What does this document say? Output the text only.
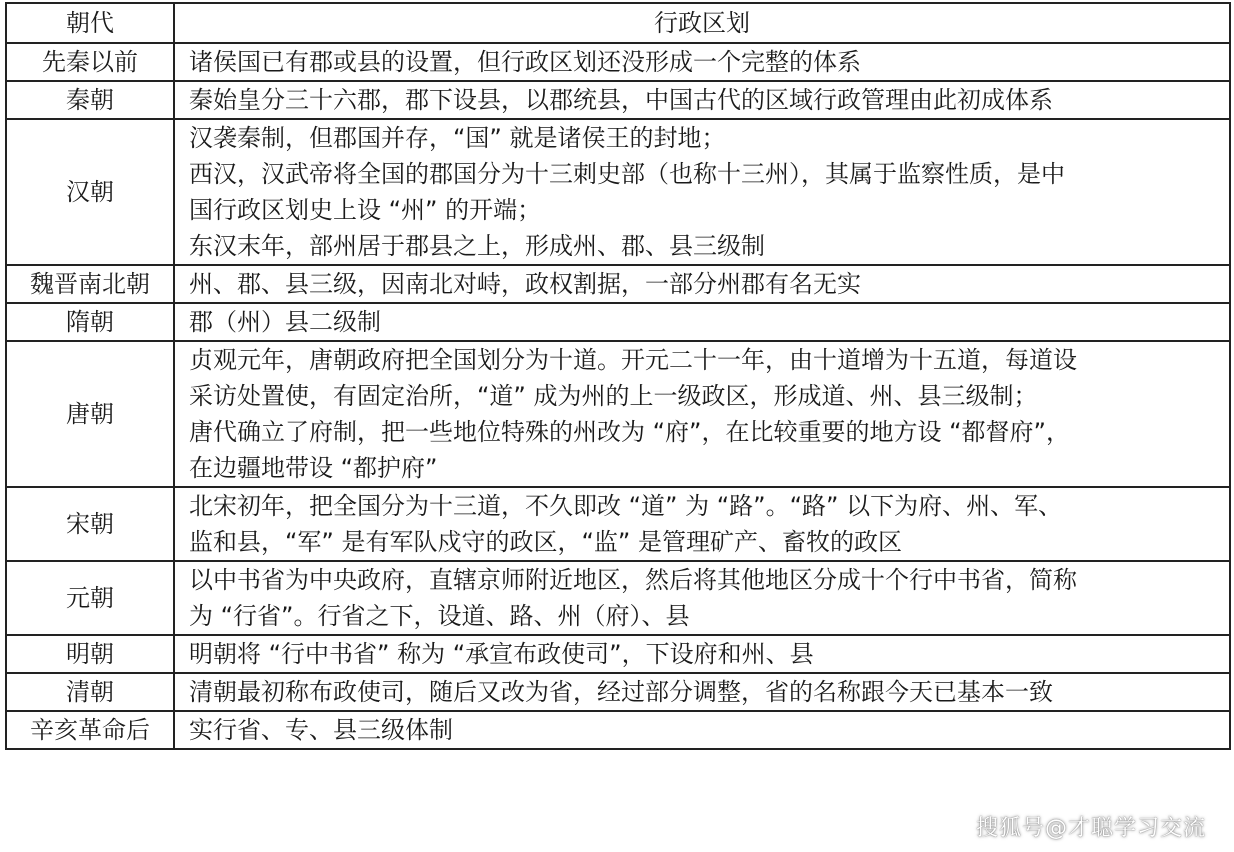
朝代	行政区划
先秦以前	诸侯国已有郡或县的设置，但行政区划还没形成一个完整的体系

秦朝	秦始皇分三十六郡，郡下设县，以郡统县，中国古代的区域行政管理由此初成体系

汉朝	汉袭秦制，但郡国并存，“国” 就是诸侯王的封地；
西汉，汉武帝将全国的郡国分为十三刺史部（也称十三州），其属于监察性质，是中
国行政区划史上设 “州” 的开端；
东汉末年，部州居于郡县之上，形成州、郡、县三级制

魏晋南北朝	州、郡、县三级，因南北对峙，政权割据，一部分州郡有名无实

隋朝	郡（州）县二级制

唐朝	贞观元年，唐朝政府把全国划分为十道。开元二十一年，由十道增为十五道，每道设
采访处置使，有固定治所，“道” 成为州的上一级政区，形成道、州、县三级制；
唐代确立了府制，把一些地位特殊的州改为 “府”，在比较重要的地方设 “都督府”，
在边疆地带设 “都护府”

宋朝	北宋初年，把全国分为十三道，不久即改 “道” 为 “路”。“路” 以下为府、州、军、
监和县，“军” 是有军队戍守的政区，“监” 是管理矿产、畜牧的政区

元朝	以中书省为中央政府，直辖京师附近地区，然后将其他地区分成十个行中书省，简称
为 “行省”。行省之下，设道、路、州（府）、县

明朝	明朝将 “行中书省” 称为 “承宣布政使司”，下设府和州、县

清朝	清朝最初称布政使司，随后又改为省，经过部分调整，省的名称跟今天已基本一致

辛亥革命后	实行省、专、县三级体制
搜狐号@才聪学习交流
